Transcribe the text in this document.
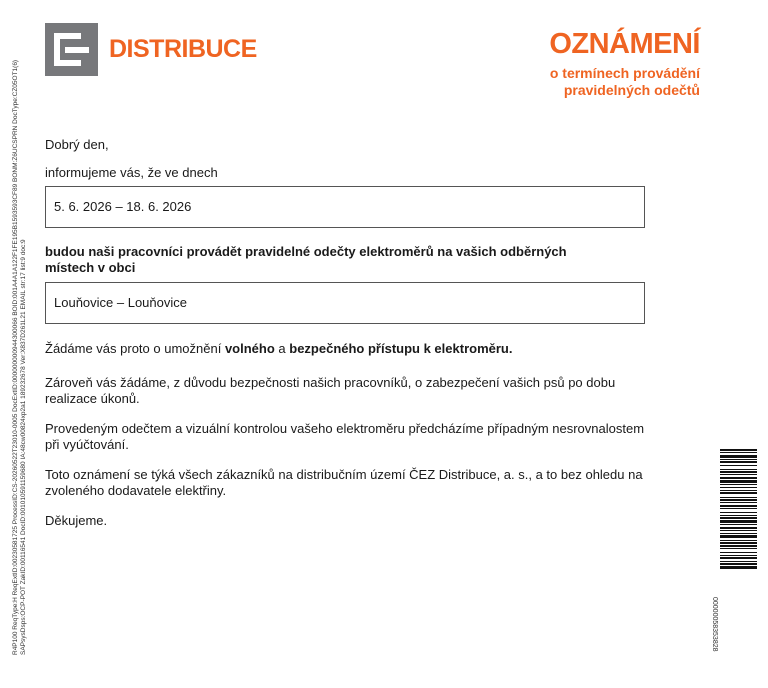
DISTRIBUCE	OZNÁMENÍ
o termínech provádění
pravidelných odečtů

Dobrý den,

informujeme vás, že ve dnech

5. 6. 2026 – 18. 6. 2026

budou naši pracovníci provádět pravidelné odečty elektroměrů na vašich odběrných místech v obci

Louňovice – Louňovice

Žádáme vás proto o umožnění volného a bezpečného přístupu k elektroměru.

Zároveň vás žádáme, z důvodu bezpečnosti našich pracovníků, o zabezpečení vašich psů po dobu realizace úkonů.

Provedeným odečtem a vizuální kontrolou vašeho elektroměru předcházíme případným nesrovnalostem při vyúčtování.

Toto oznámení se týká všech zákazníků na distribučním území ČEZ Distribuce, a. s., a to bez ohledu na zvoleného dodavatele elektřiny.

Děkujeme.

R4P100 ReqType:H ReqExtID:00230581725 ProcessID:CS-20260522T23010-0005 DocExtID:000000000944300066 BOID:001A4A1A122F1FE195B1593593CF89 BONM:Z6UCSPRN DocType:CZ05OT1(6) SAPsysDsps:OCP-POT ZakID:00116541 DocID:001010591159680 IA:48cw00824xp2a1 189232678 Ver:X837D261L21 EMAIL str:17 list:9 doc:9	00000058353828
